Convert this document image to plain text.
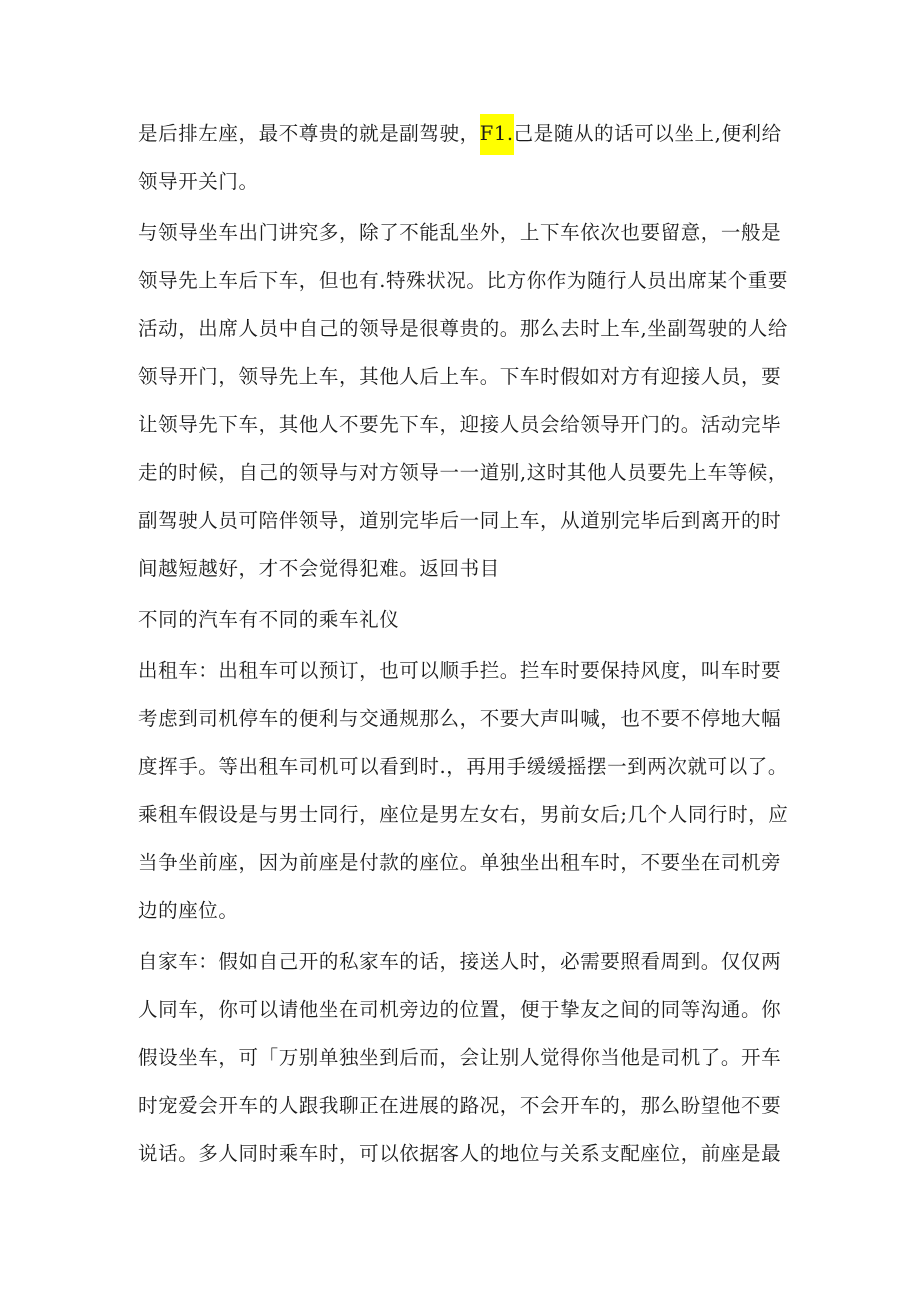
是后排左座，最不尊贵的就是副驾驶，F1.己是随从的话可以坐上,便利给
领导开关门。
与领导坐车出门讲究多，除了不能乱坐外，上下车依次也要留意，一般是
领导先上车后下车，但也有.特殊状况。比方你作为随行人员出席某个重要
活动，出席人员中自己的领导是很尊贵的。那么去时上车,坐副驾驶的人给
领导开门，领导先上车，其他人后上车。下车时假如对方有迎接人员，要
让领导先下车，其他人不要先下车，迎接人员会给领导开门的。活动完毕
走的时候，自己的领导与对方领导一一道别,这时其他人员要先上车等候，
副驾驶人员可陪伴领导，道别完毕后一同上车，从道别完毕后到离开的时
间越短越好，才不会觉得犯难。返回书目
不同的汽车有不同的乘车礼仪
出租车：出租车可以预订，也可以顺手拦。拦车时要保持风度，叫车时要
考虑到司机停车的便利与交通规那么，不要大声叫喊，也不要不停地大幅
度挥手。等出租车司机可以看到时.，再用手缓缓摇摆一到两次就可以了。
乘租车假设是与男士同行，座位是男左女右，男前女后;几个人同行时，应
当争坐前座，因为前座是付款的座位。单独坐出租车时，不要坐在司机旁
边的座位。
自家车：假如自己开的私家车的话，接送人时，必需要照看周到。仅仅两
人同车，你可以请他坐在司机旁边的位置，便于挚友之间的同等沟通。你
假设坐车，可「万别单独坐到后而，会让别人觉得你当他是司机了。开车
时宠爱会开车的人跟我聊正在进展的路况，不会开车的，那么盼望他不要
说话。多人同时乘车时，可以依据客人的地位与关系支配座位，前座是最
